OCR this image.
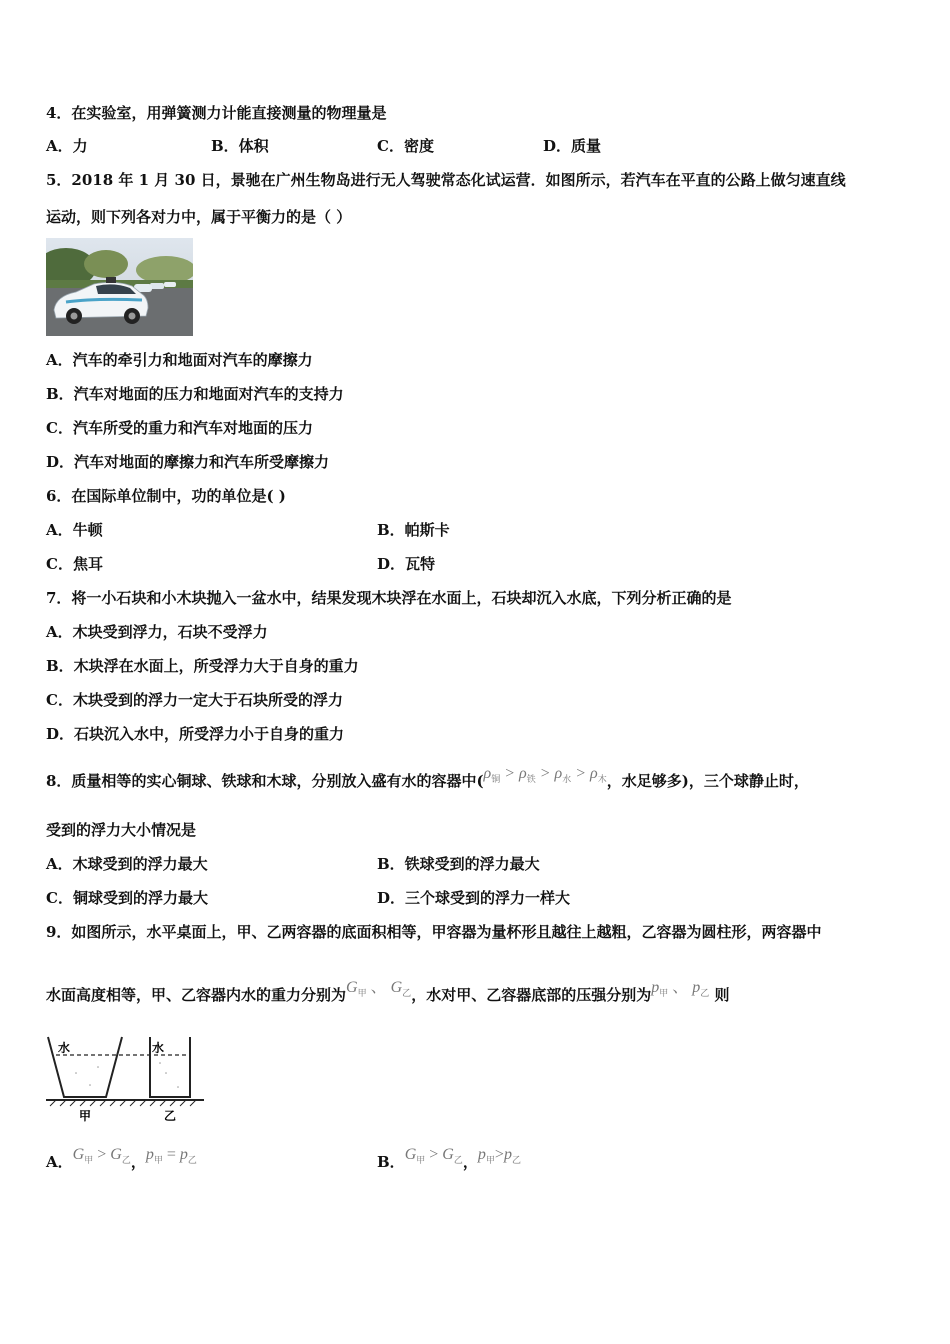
4．在实验室，用弹簧测力计能直接测量的物理量是
A．力	B．体积	C．密度	D．质量
5．2018 年 1 月 30 日，景驰在广州生物岛进行无人驾驶常态化试运营．如图所示，若汽车在平直的公路上做匀速直线
运动，则下列各对力中，属于平衡力的是（ ）
A．汽车的牵引力和地面对汽车的摩擦力
B．汽车对地面的压力和地面对汽车的支持力
C．汽车所受的重力和汽车对地面的压力
D．汽车对地面的摩擦力和汽车所受摩擦力
6．在国际单位制中，功的单位是( )
A．牛顿	B．帕斯卡
C．焦耳	D．瓦特
7．将一小石块和小木块抛入一盆水中，结果发现木块浮在水面上，石块却沉入水底，下列分析正确的是
A．木块受到浮力，石块不受浮力
B．木块浮在水面上，所受浮力大于自身的重力
C．木块受到的浮力一定大于石块所受的浮力
D．石块沉入水中，所受浮力小于自身的重力
8．质量相等的实心铜球、铁球和木球，分别放入盛有水的容器中($\rho_铜 > \rho_铁 > \rho_水 > \rho_木$，水足够多)，三个球静止时，
受到的浮力大小情况是
A．木球受到的浮力最大	B．铁球受到的浮力最大
C．铜球受到的浮力最大	D．三个球受到的浮力一样大
9．如图所示，水平桌面上，甲、乙两容器的底面积相等，甲容器为量杯形且越往上越粗，乙容器为圆柱形，两容器中
水面高度相等，甲、乙容器内水的重力分别为$G_甲$ 、 $G_乙$，水对甲、乙容器底部的压强分别为$p_甲$ 、 $p_乙$ 则
水	水
甲	乙
A．$G_甲 > G_乙$，$p_甲 = p_乙$	B．$G_甲 > G_乙$，$p_甲>p_乙$
